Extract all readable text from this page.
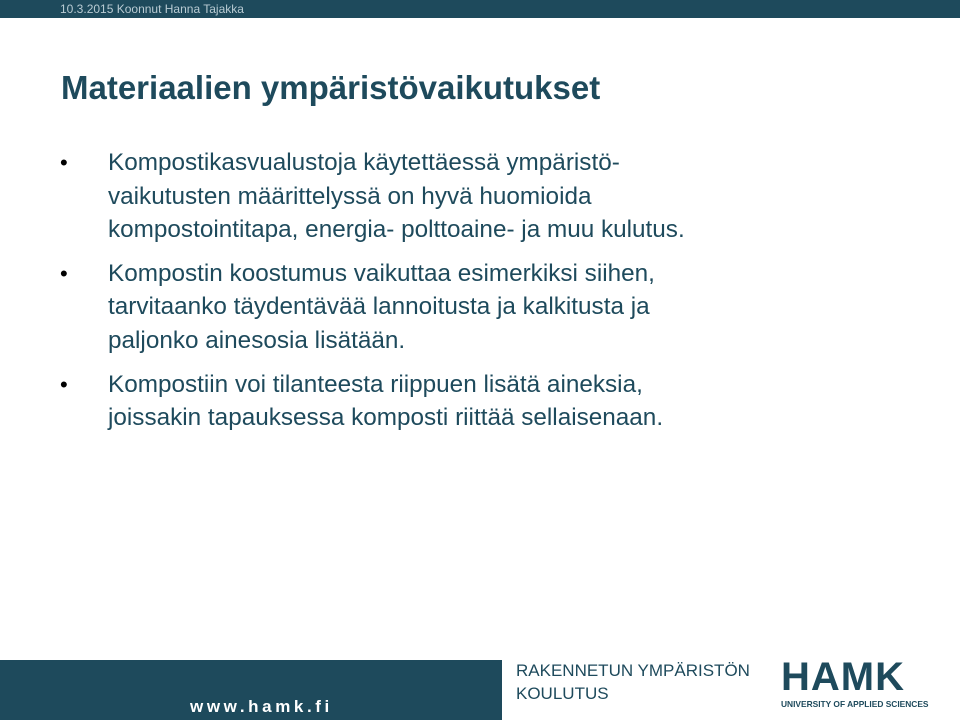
10.3.2015 Koonnut Hanna Tajakka
Materiaalien ympäristövaikutukset
•	Kompostikasvualustoja käytettäessä ympäristö-
vaikutusten määrittelyssä on hyvä huomioida
kompostointitapa, energia- polttoaine- ja muu kulutus.
•	Kompostin koostumus vaikuttaa esimerkiksi siihen,
tarvitaanko täydentävää lannoitusta ja kalkitusta ja
paljonko ainesosia lisätään.
•	Kompostiin voi tilanteesta riippuen lisätä aineksia,
joissakin tapauksessa komposti riittää sellaisenaan.
www.hamk.fi
RAKENNETUN YMPÄRISTÖN
KOULUTUS	HAMK
UNIVERSITY OF APPLIED SCIENCES
